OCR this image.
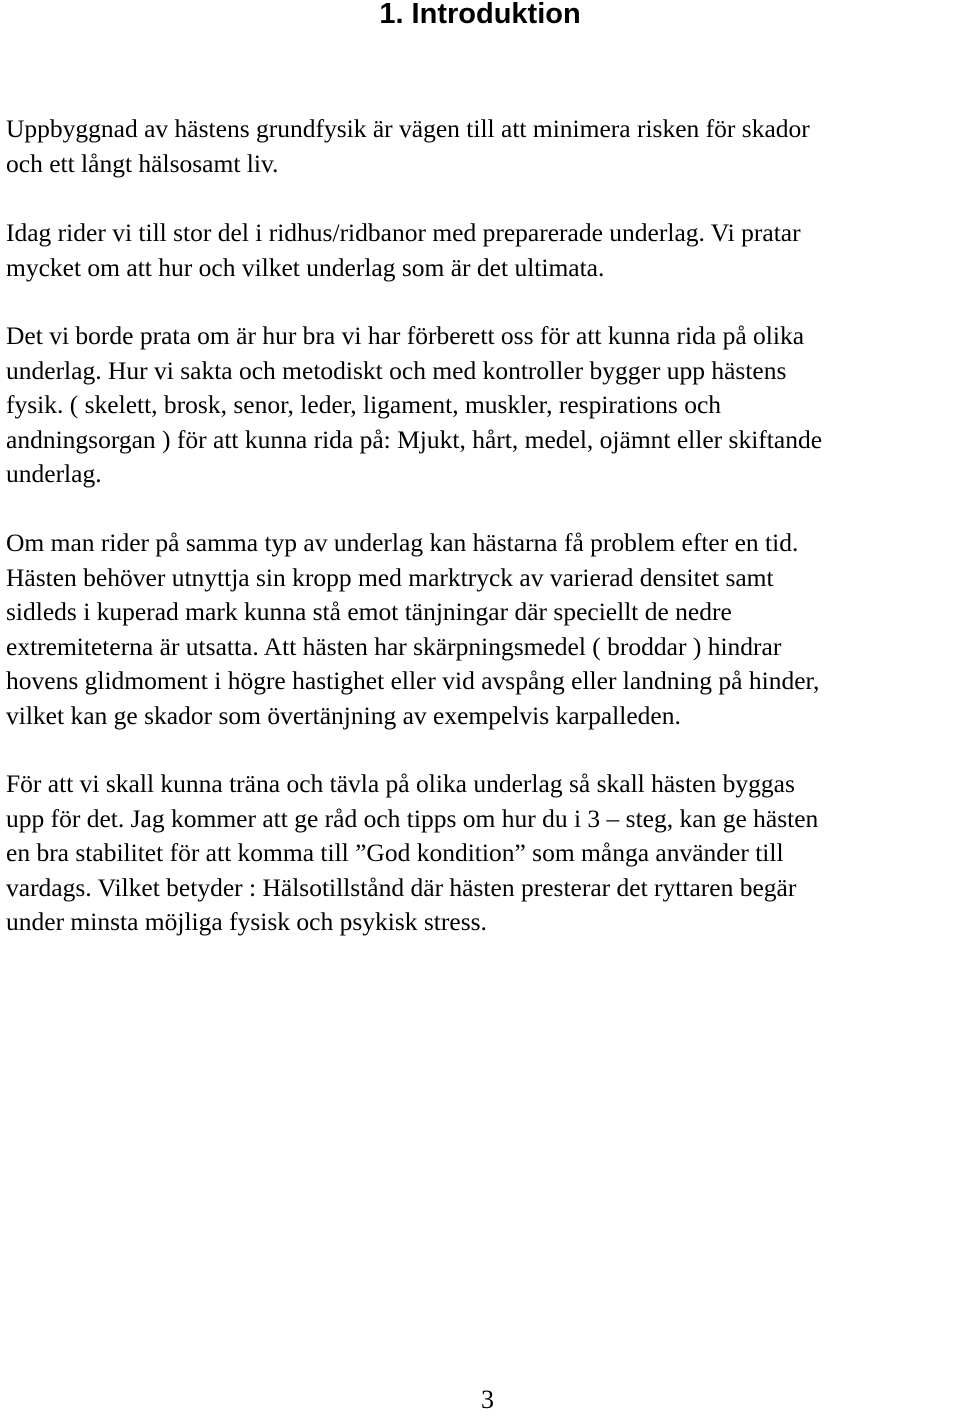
1. Introduktion
Uppbyggnad av hästens grundfysik är vägen till att minimera risken för skador
och ett långt hälsosamt liv.
Idag rider vi till stor del i ridhus/ridbanor med preparerade underlag. Vi pratar
mycket om att hur och vilket underlag som är det ultimata.
Det vi borde prata om är hur bra vi har förberett oss för att kunna rida på olika
underlag. Hur vi sakta och metodiskt och med kontroller bygger upp hästens
fysik. ( skelett, brosk, senor, leder, ligament, muskler, respirations och
andningsorgan ) för att kunna rida på: Mjukt, hårt, medel, ojämnt eller skiftande
underlag.
Om man rider på samma typ av underlag kan hästarna få problem efter en tid.
Hästen behöver utnyttja sin kropp med marktryck av varierad densitet samt
sidleds i kuperad mark kunna stå emot tänjningar där speciellt de nedre
extremiteterna är utsatta. Att hästen har skärpningsmedel ( broddar ) hindrar
hovens glidmoment i högre hastighet eller vid avspång eller landning på hinder,
vilket kan ge skador som övertänjning av exempelvis karpalleden.
För att vi skall kunna träna och tävla på olika underlag så skall hästen byggas
upp för det. Jag kommer att ge råd och tipps om hur du i 3 – steg, kan ge hästen
en bra stabilitet för att komma till ”God kondition” som många använder till
vardags. Vilket betyder : Hälsotillstånd där hästen presterar det ryttaren begär
under minsta möjliga fysisk och psykisk stress.
3
